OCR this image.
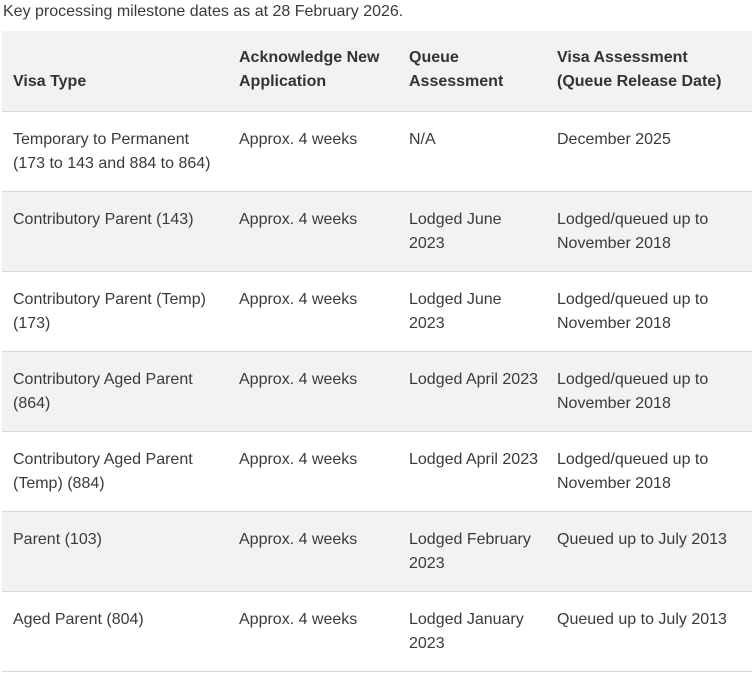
Key processing milestone dates as at 28 February 2026.
Visa Type	Acknowledge New Application	Queue Assessment	Visa Assessment (Queue Release Date)
Temporary to Permanent (173 to 143 and 884 to 864)	Approx. 4 weeks	N/A	December 2025
Contributory Parent (143)	Approx. 4 weeks	Lodged June 2023	Lodged/queued up to November 2018
Contributory Parent (Temp) (173)	Approx. 4 weeks	Lodged June 2023	Lodged/queued up to November 2018
Contributory Aged Parent (864)	Approx. 4 weeks	Lodged April 2023	Lodged/queued up to November 2018
Contributory Aged Parent (Temp) (884)	Approx. 4 weeks	Lodged April 2023	Lodged/queued up to November 2018
Parent (103)	Approx. 4 weeks	Lodged February 2023	Queued up to July 2013
Aged Parent (804)	Approx. 4 weeks	Lodged January 2023	Queued up to July 2013
